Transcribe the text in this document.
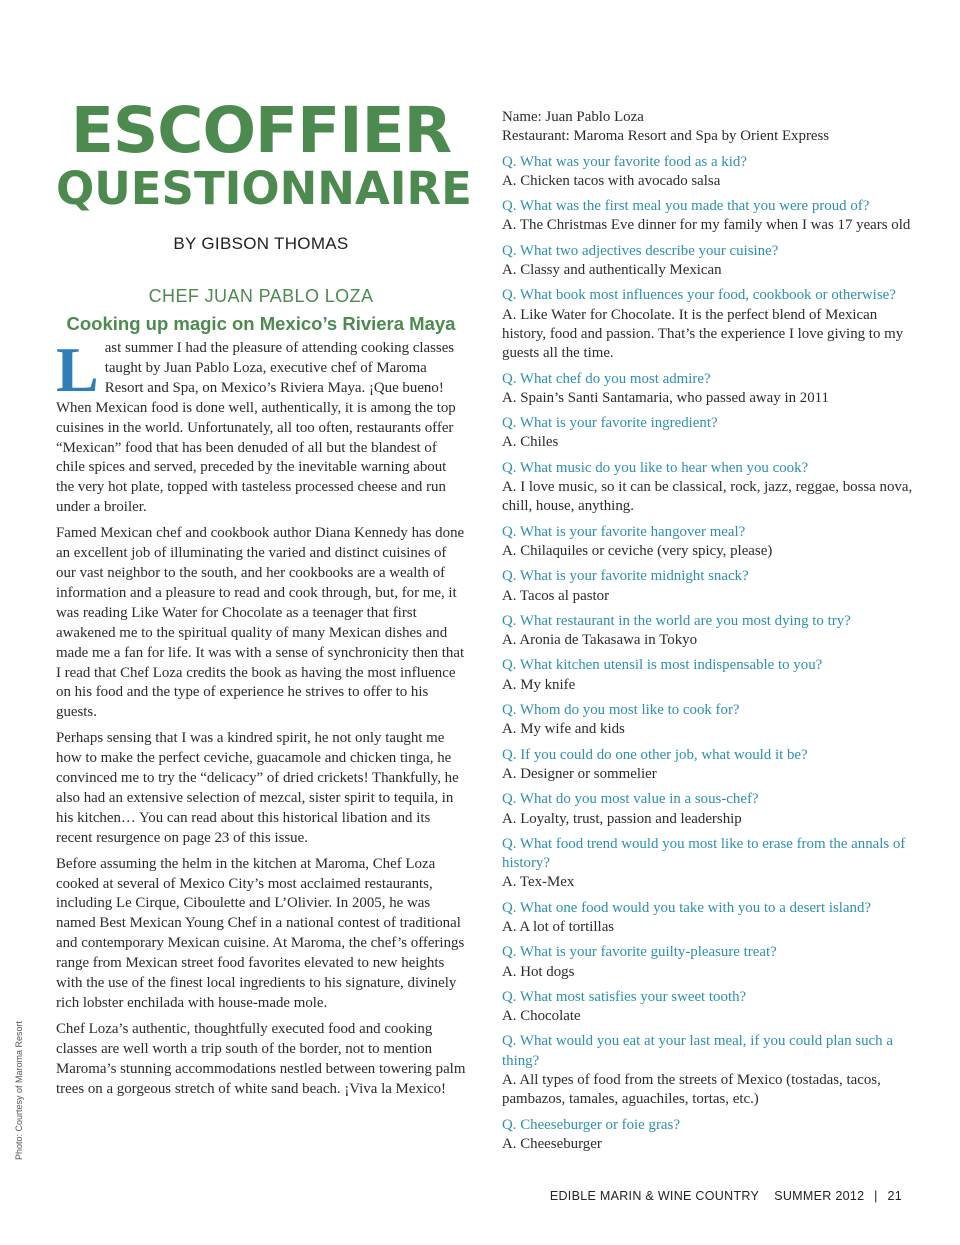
ESCOFFIER
QUESTIONNAIRE
BY GIBSON THOMAS
CHEF JUAN PABLO LOZA
Cooking up magic on Mexico’s Riviera Maya

Last summer I had the pleasure of attending cooking classes taught by Juan Pablo Loza, executive chef of Maroma Resort and Spa, on Mexico’s Riviera Maya. ¡Que bueno! When Mexican food is done well, authentically, it is among the top cuisines in the world. Unfortunately, all too often, restaurants offer “Mexican” food that has been denuded of all but the blandest of chile spices and served, preceded by the inevitable warning about the very hot plate, topped with tasteless processed cheese and run under a broiler.

Famed Mexican chef and cookbook author Diana Kennedy has done an excellent job of illuminating the varied and distinct cuisines of our vast neighbor to the south, and her cookbooks are a wealth of information and a pleasure to read and cook through, but, for me, it was reading Like Water for Chocolate as a teenager that first awakened me to the spiritual quality of many Mexican dishes and made me a fan for life. It was with a sense of synchronicity then that I read that Chef Loza credits the book as having the most influence on his food and the type of experience he strives to offer to his guests.

Perhaps sensing that I was a kindred spirit, he not only taught me how to make the perfect ceviche, guacamole and chicken tinga, he convinced me to try the “delicacy” of dried crickets! Thankfully, he also had an extensive selection of mezcal, sister spirit to tequila, in his kitchen… You can read about this historical libation and its recent resurgence on page 23 of this issue.

Before assuming the helm in the kitchen at Maroma, Chef Loza cooked at several of Mexico City’s most acclaimed restaurants, including Le Cirque, Ciboulette and L’Olivier. In 2005, he was named Best Mexican Young Chef in a national contest of traditional and contemporary Mexican cuisine. At Maroma, the chef’s offerings range from Mexican street food favorites elevated to new heights with the use of the finest local ingredients to his signature, divinely rich lobster enchilada with house-made mole.

Chef Loza’s authentic, thoughtfully executed food and cooking classes are well worth a trip south of the border, not to mention Maroma’s stunning accommodations nestled between towering palm trees on a gorgeous stretch of white sand beach. ¡Viva la Mexico!

Name: Juan Pablo Loza
Restaurant: Maroma Resort and Spa by Orient Express
Q. What was your favorite food as a kid?
A. Chicken tacos with avocado salsa
Q. What was the first meal you made that you were proud of?
A. The Christmas Eve dinner for my family when I was 17 years old
Q. What two adjectives describe your cuisine?
A. Classy and authentically Mexican
Q. What book most influences your food, cookbook or otherwise?
A. Like Water for Chocolate. It is the perfect blend of Mexican history, food and passion. That’s the experience I love giving to my guests all the time.
Q. What chef do you most admire?
A. Spain’s Santi Santamaria, who passed away in 2011
Q. What is your favorite ingredient?
A. Chiles
Q. What music do you like to hear when you cook?
A. I love music, so it can be classical, rock, jazz, reggae, bossa nova, chill, house, anything.
Q. What is your favorite hangover meal?
A. Chilaquiles or ceviche (very spicy, please)
Q. What is your favorite midnight snack?
A. Tacos al pastor
Q. What restaurant in the world are you most dying to try?
A. Aronia de Takasawa in Tokyo
Q. What kitchen utensil is most indispensable to you?
A. My knife
Q. Whom do you most like to cook for?
A. My wife and kids
Q. If you could do one other job, what would it be?
A. Designer or sommelier
Q. What do you most value in a sous-chef?
A. Loyalty, trust, passion and leadership
Q. What food trend would you most like to erase from the annals of history?
A. Tex-Mex
Q. What one food would you take with you to a desert island?
A. A lot of tortillas
Q. What is your favorite guilty-pleasure treat?
A. Hot dogs
Q. What most satisfies your sweet tooth?
A. Chocolate
Q. What would you eat at your last meal, if you could plan such a thing?
A. All types of food from the streets of Mexico (tostadas, tacos, pambazos, tamales, aguachiles, tortas, etc.)
Q. Cheeseburger or foie gras?
A. Cheeseburger
Photo: Courtesy of Maroma Resort
EDIBLE MARIN & WINE COUNTRY SUMMER 2012 | 21
